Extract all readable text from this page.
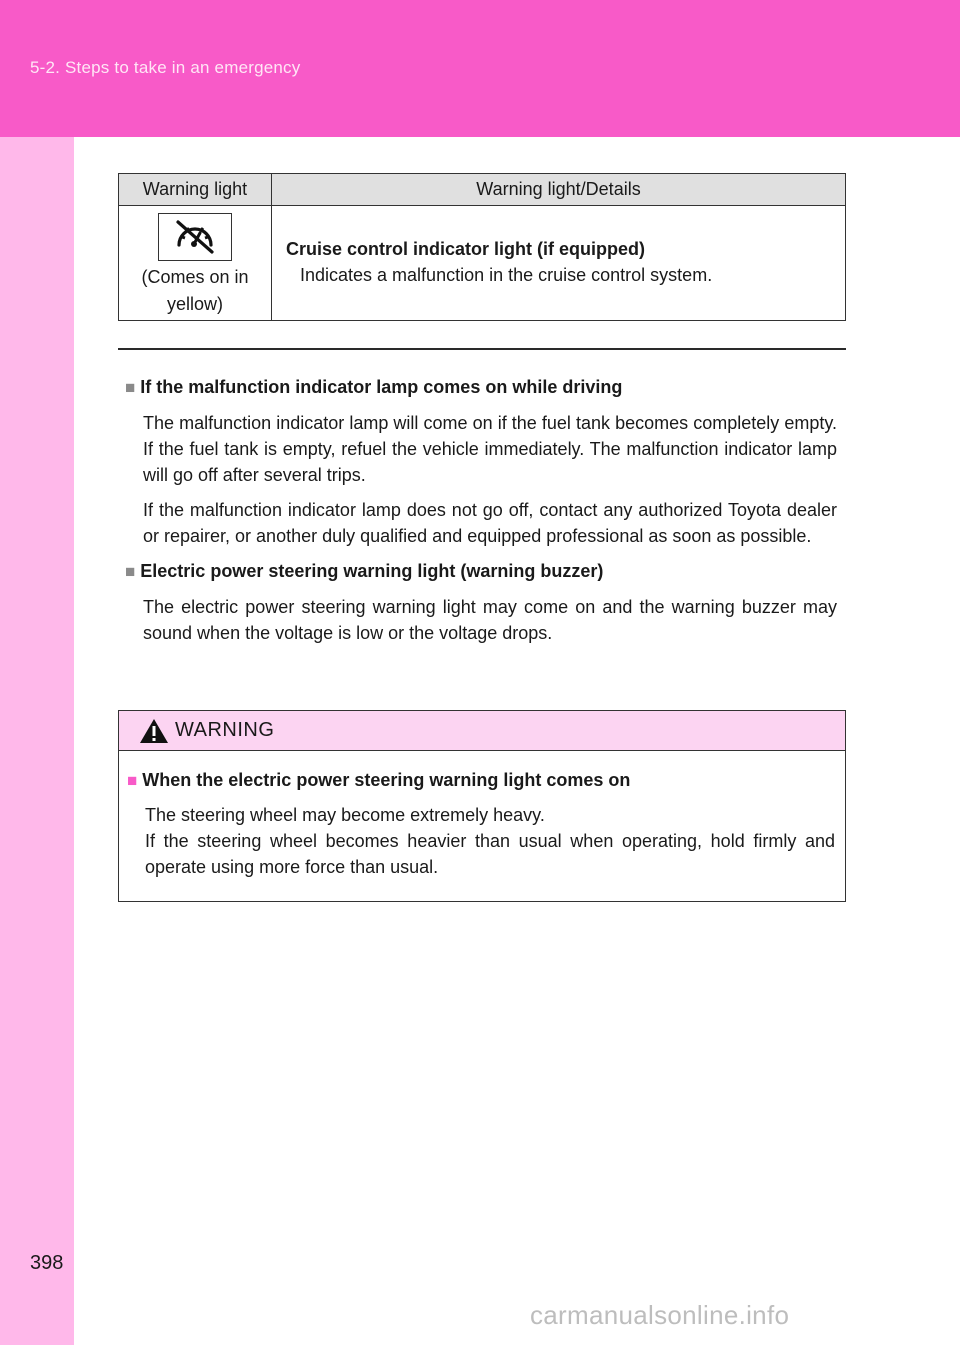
5-2. Steps to take in an emergency
Warning light	Warning light/Details
(Comes on in
yellow)
Cruise control indicator light (if equipped)
Indicates a malfunction in the cruise control system.

■ If the malfunction indicator lamp comes on while driving

The malfunction indicator lamp will come on if the fuel tank becomes completely empty. If the fuel tank is empty, refuel the vehicle immediately. The malfunction indicator lamp will go off after several trips.

If the malfunction indicator lamp does not go off, contact any authorized Toyota dealer or repairer, or another duly qualified and equipped professional as soon as possible.

■ Electric power steering warning light (warning buzzer)

The electric power steering warning light may come on and the warning buzzer may sound when the voltage is low or the voltage drops.

WARNING
■ When the electric power steering warning light comes on
The steering wheel may become extremely heavy.
If the steering wheel becomes heavier than usual when operating, hold firmly and operate using more force than usual.
398
carmanualsonline.info
